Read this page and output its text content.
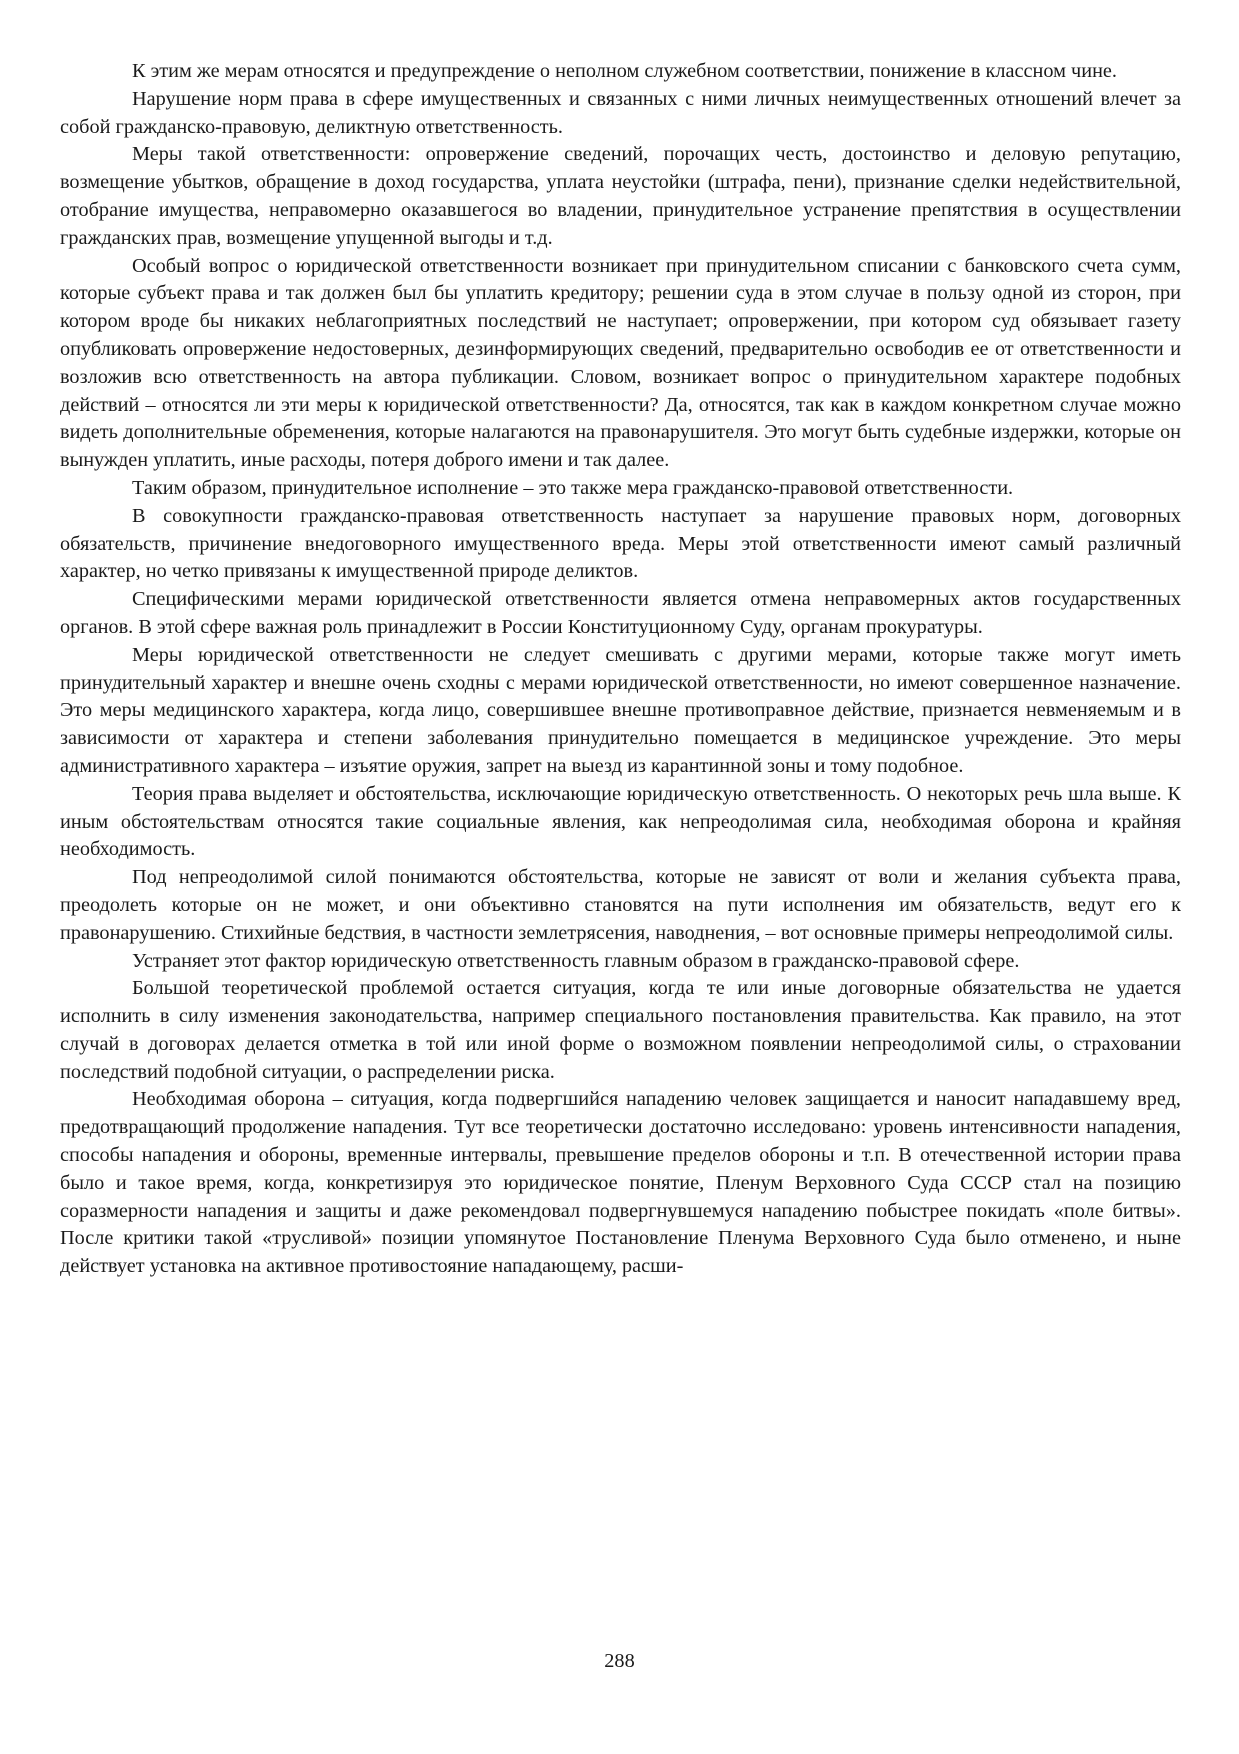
К этим же мерам относятся и предупреждение о неполном служебном соответствии, понижение в классном чине.

Нарушение норм права в сфере имущественных и связанных с ними личных неимущественных отношений влечет за собой гражданско-правовую, деликтную ответственность.

Меры такой ответственности: опровержение сведений, порочащих честь, достоинство и деловую репутацию, возмещение убытков, обращение в доход государства, уплата неустойки (штрафа, пени), признание сделки недействительной, отобрание имущества, неправомерно оказавшегося во владении, принудительное устранение препятствия в осуществлении гражданских прав, возмещение упущенной выгоды и т.д.

Особый вопрос о юридической ответственности возникает при принудительном списании с банковского счета сумм, которые субъект права и так должен был бы уплатить кредитору; решении суда в этом случае в пользу одной из сторон, при котором вроде бы никаких неблагоприятных последствий не наступает; опровержении, при котором суд обязывает газету опубликовать опровержение недостоверных, дезинформирующих сведений, предварительно освободив ее от ответственности и возложив всю ответственность на автора публикации. Словом, возникает вопрос о принудительном характере подобных действий – относятся ли эти меры к юридической ответственности? Да, относятся, так как в каждом конкретном случае можно видеть дополнительные обременения, которые налагаются на правонарушителя. Это могут быть судебные издержки, которые он вынужден уплатить, иные расходы, потеря доброго имени и так далее.

Таким образом, принудительное исполнение – это также мера гражданско-правовой ответственности.

В совокупности гражданско-правовая ответственность наступает за нарушение правовых норм, договорных обязательств, причинение внедоговорного имущественного вреда. Меры этой ответственности имеют самый различный характер, но четко привязаны к имущественной природе деликтов.

Специфическими мерами юридической ответственности является отмена неправомерных актов государственных органов. В этой сфере важная роль принадлежит в России Конституционному Суду, органам прокуратуры.

Меры юридической ответственности не следует смешивать с другими мерами, которые также могут иметь принудительный характер и внешне очень сходны с мерами юридической ответственности, но имеют совершенное назначение. Это меры медицинского характера, когда лицо, совершившее внешне противоправное действие, признается невменяемым и в зависимости от характера и степени заболевания принудительно помещается в медицинское учреждение. Это меры административного характера – изъятие оружия, запрет на выезд из карантинной зоны и тому подобное.

Теория права выделяет и обстоятельства, исключающие юридическую ответственность. О некоторых речь шла выше. К иным обстоятельствам относятся такие социальные явления, как непреодолимая сила, необходимая оборона и крайняя необходимость.

Под непреодолимой силой понимаются обстоятельства, которые не зависят от воли и желания субъекта права, преодолеть которые он не может, и они объективно становятся на пути исполнения им обязательств, ведут его к правонарушению. Стихийные бедствия, в частности землетрясения, наводнения, – вот основные примеры непреодолимой силы.

Устраняет этот фактор юридическую ответственность главным образом в гражданско-правовой сфере.

Большой теоретической проблемой остается ситуация, когда те или иные договорные обязательства не удается исполнить в силу изменения законодательства, например специального постановления правительства. Как правило, на этот случай в договорах делается отметка в той или иной форме о возможном появлении непреодолимой силы, о страховании последствий подобной ситуации, о распределении риска.

Необходимая оборона – ситуация, когда подвергшийся нападению человек защищается и наносит нападавшему вред, предотвращающий продолжение нападения. Тут все теоретически достаточно исследовано: уровень интенсивности нападения, способы нападения и обороны, временные интервалы, превышение пределов обороны и т.п. В отечественной истории права было и такое время, когда, конкретизируя это юридическое понятие, Пленум Верховного Суда СССР стал на позицию соразмерности нападения и защиты и даже рекомендовал подвергнувшемуся нападению побыстрее покидать «поле битвы». После критики такой «трусливой» позиции упомянутое Постановление Пленума Верховного Суда было отменено, и ныне действует установка на активное противостояние нападающему, расши-

288
